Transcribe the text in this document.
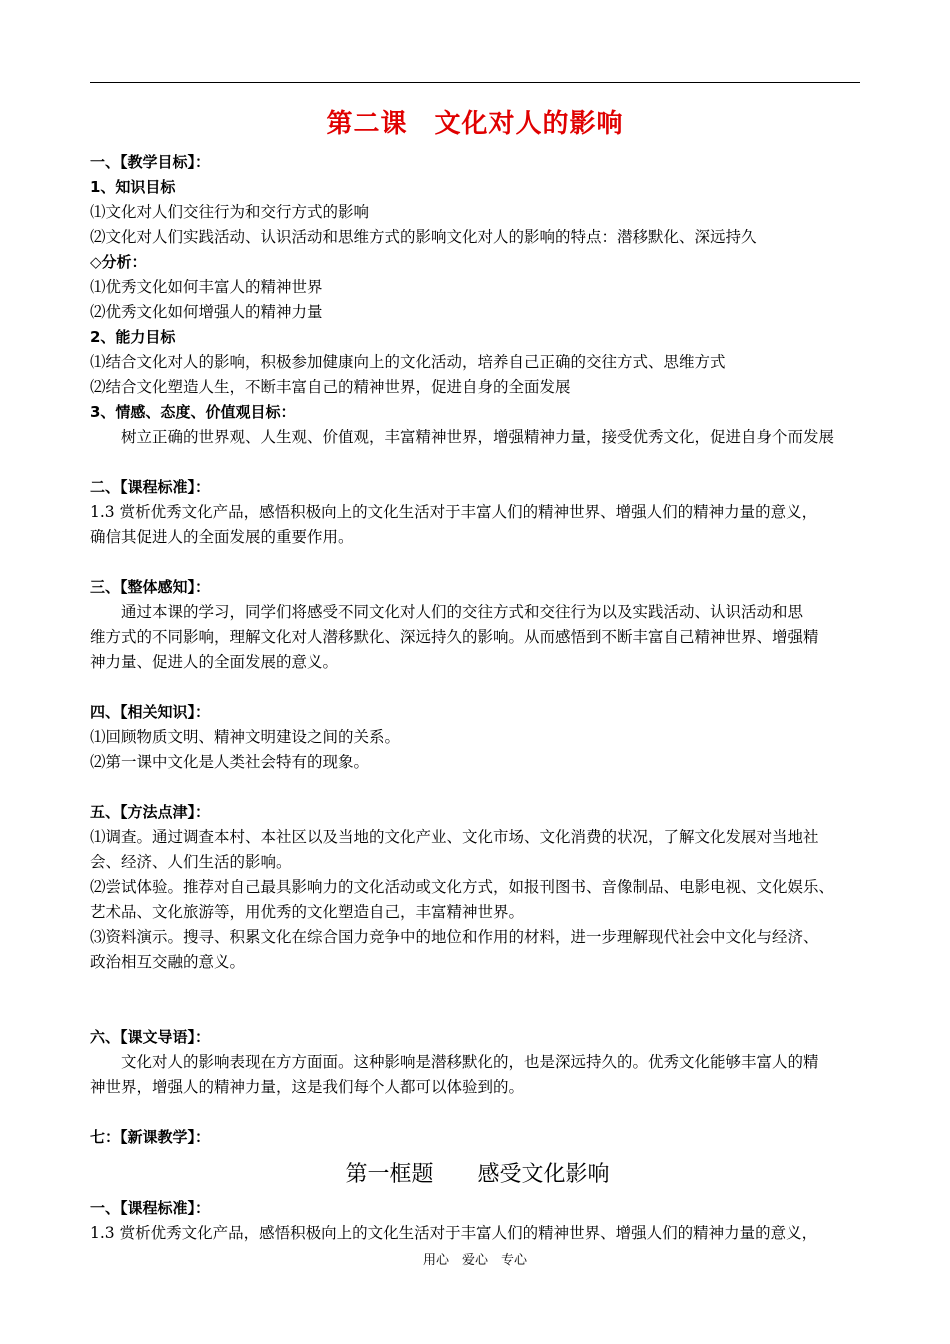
第二课　文化对人的影响
一、【教学目标】：
1、知识目标
⑴文化对人们交往行为和交行方式的影响
⑵文化对人们实践活动、认识活动和思维方式的影响文化对人的影响的特点：潜移默化、深远持久
◇分析：
⑴优秀文化如何丰富人的精神世界
⑵优秀文化如何增强人的精神力量
2、能力目标
⑴结合文化对人的影响，积极参加健康向上的文化活动，培养自己正确的交往方式、思维方式
⑵结合文化塑造人生，不断丰富自己的精神世界，促进自身的全面发展
3、情感、态度、价值观目标：
树立正确的世界观、人生观、价值观，丰富精神世界，增强精神力量，接受优秀文化，促进自身个而发展
二、【课程标准】：
1.3 赏析优秀文化产品，感悟积极向上的文化生活对于丰富人们的精神世界、增强人们的精神力量的意义，
确信其促进人的全面发展的重要作用。
三、【整体感知】：
通过本课的学习，同学们将感受不同文化对人们的交往方式和交往行为以及实践活动、认识活动和思
维方式的不同影响，理解文化对人潜移默化、深远持久的影响。从而感悟到不断丰富自己精神世界、增强精
神力量、促进人的全面发展的意义。
四、【相关知识】：
⑴回顾物质文明、精神文明建设之间的关系。
⑵第一课中文化是人类社会特有的现象。
五、【方法点津】：
⑴调查。通过调查本村、本社区以及当地的文化产业、文化市场、文化消费的状况，了解文化发展对当地社
会、经济、人们生活的影响。
⑵尝试体验。推荐对自己最具影响力的文化活动或文化方式，如报刊图书、音像制品、电影电视、文化娱乐、
艺术品、文化旅游等，用优秀的文化塑造自己，丰富精神世界。
⑶资料演示。搜寻、积累文化在综合国力竞争中的地位和作用的材料，进一步理解现代社会中文化与经济、
政治相互交融的意义。
六、【课文导语】：
文化对人的影响表现在方方面面。这种影响是潜移默化的，也是深远持久的。优秀文化能够丰富人的精
神世界，增强人的精神力量，这是我们每个人都可以体验到的。
七：【新课教学】：
第一框题　　感受文化影响
一、【课程标准】：
1.3 赏析优秀文化产品，感悟积极向上的文化生活对于丰富人们的精神世界、增强人们的精神力量的意义，
用心　爱心　专心
